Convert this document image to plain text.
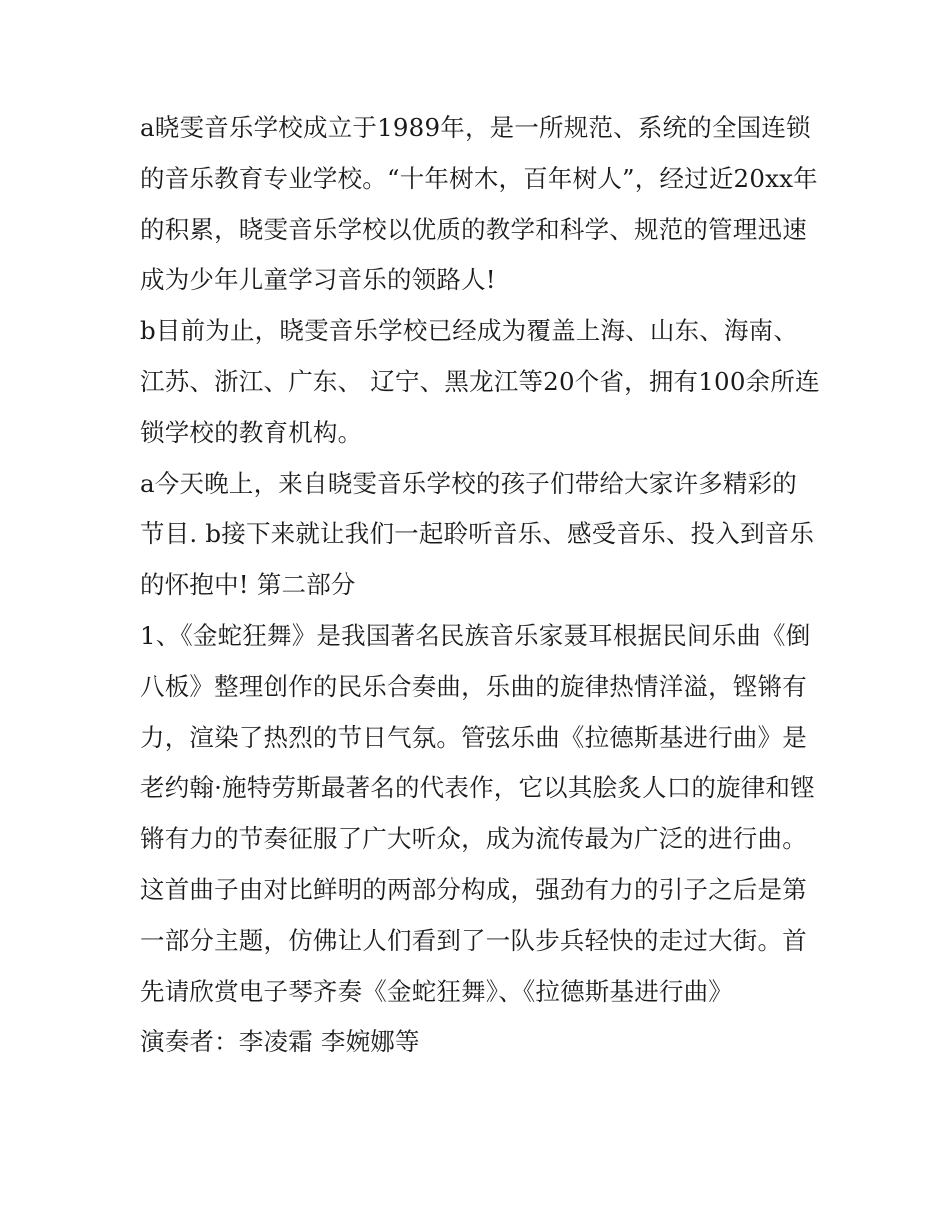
a晓雯音乐学校成立于1989年，是一所规范、系统的全国连锁的音乐教育专业学校。“十年树木，百年树人”，经过近20xx年的积累，晓雯音乐学校以优质的教学和科学、规范的管理迅速成为少年儿童学习音乐的领路人!

b目前为止，晓雯音乐学校已经成为覆盖上海、山东、海南、江苏、浙江、广东、 辽宁、黑龙江等20个省，拥有100余所连锁学校的教育机构。

a今天晚上，来自晓雯音乐学校的孩子们带给大家许多精彩的节目. b接下来就让我们一起聆听音乐、感受音乐、投入到音乐的怀抱中! 第二部分

1、《金蛇狂舞》是我国著名民族音乐家聂耳根据民间乐曲《倒八板》整理创作的民乐合奏曲，乐曲的旋律热情洋溢，铿锵有力，渲染了热烈的节日气氛。管弦乐曲《拉德斯基进行曲》是老约翰·施特劳斯最著名的代表作，它以其脍炙人口的旋律和铿锵有力的节奏征服了广大听众，成为流传最为广泛的进行曲。这首曲子由对比鲜明的两部分构成，强劲有力的引子之后是第一部分主题，仿佛让人们看到了一队步兵轻快的走过大街。首先请欣赏电子琴齐奏《金蛇狂舞》、《拉德斯基进行曲》

演奏者：李凌霜 李婉娜等
